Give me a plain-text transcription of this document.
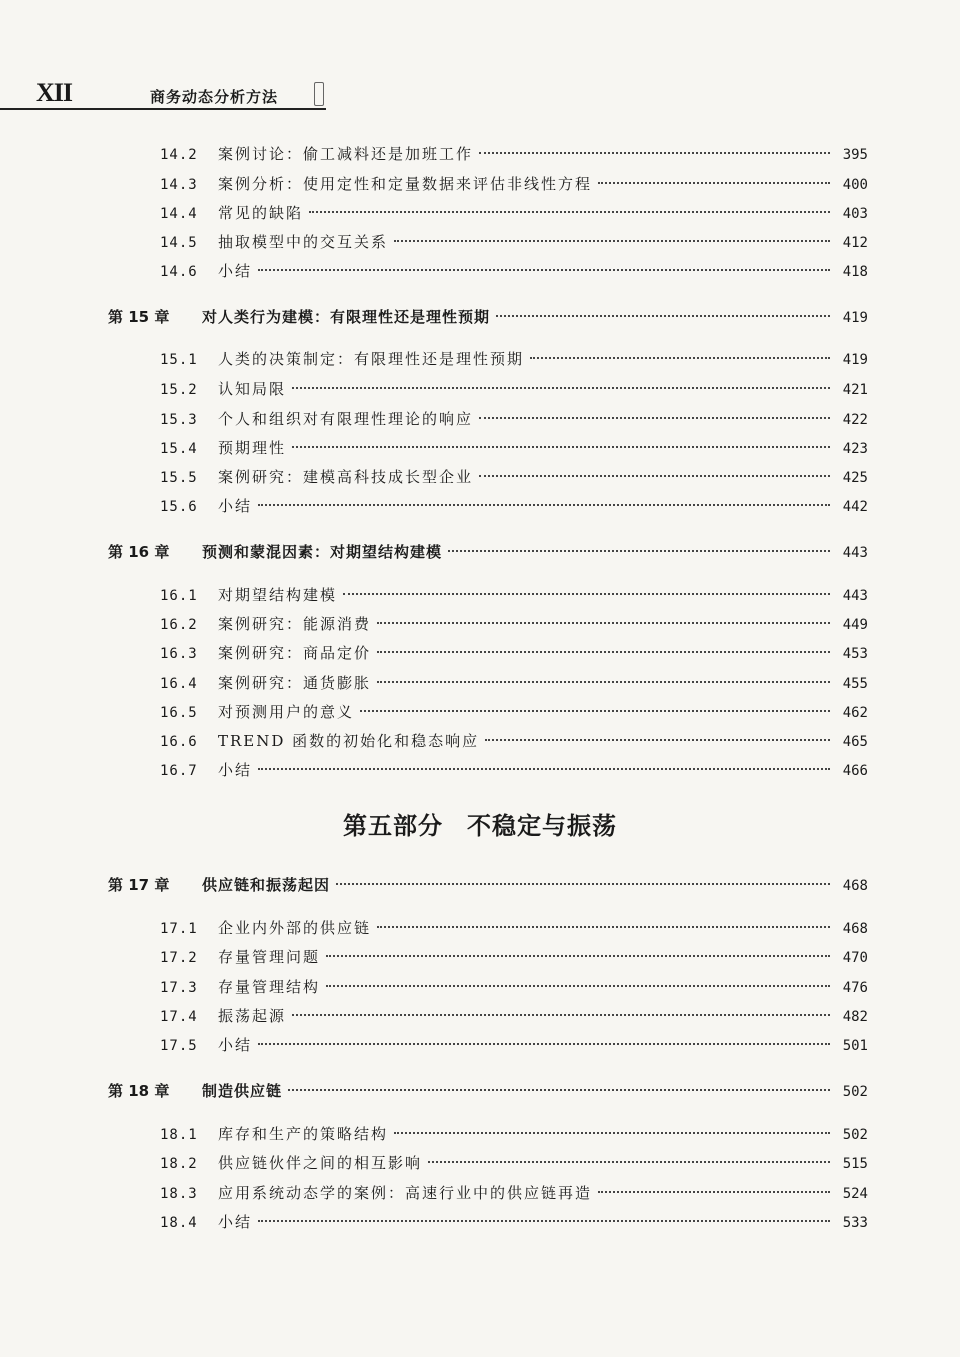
XII	商务动态分析方法
14.2	案例讨论：偷工减料还是加班工作	395
14.3	案例分析：使用定性和定量数据来评估非线性方程	400
14.4	常见的缺陷	403
14.5	抽取模型中的交互关系	412
14.6	小结	418
第 15 章	对人类行为建模：有限理性还是理性预期	419
15.1	人类的决策制定：有限理性还是理性预期	419
15.2	认知局限	421
15.3	个人和组织对有限理性理论的响应	422
15.4	预期理性	423
15.5	案例研究：建模高科技成长型企业	425
15.6	小结	442
第 16 章	预测和蒙混因素：对期望结构建模	443
16.1	对期望结构建模	443
16.2	案例研究：能源消费	449
16.3	案例研究：商品定价	453
16.4	案例研究：通货膨胀	455
16.5	对预测用户的意义	462
16.6	TREND 函数的初始化和稳态响应	465
16.7	小结	466
第 17 章	供应链和振荡起因	468
17.1	企业内外部的供应链	468
17.2	存量管理问题	470
17.3	存量管理结构	476
17.4	振荡起源	482
17.5	小结	501
第 18 章	制造供应链	502
18.1	库存和生产的策略结构	502
18.2	供应链伙伴之间的相互影响	515
18.3	应用系统动态学的案例：高速行业中的供应链再造	524
18.4	小结	533
第五部分 不稳定与振荡
